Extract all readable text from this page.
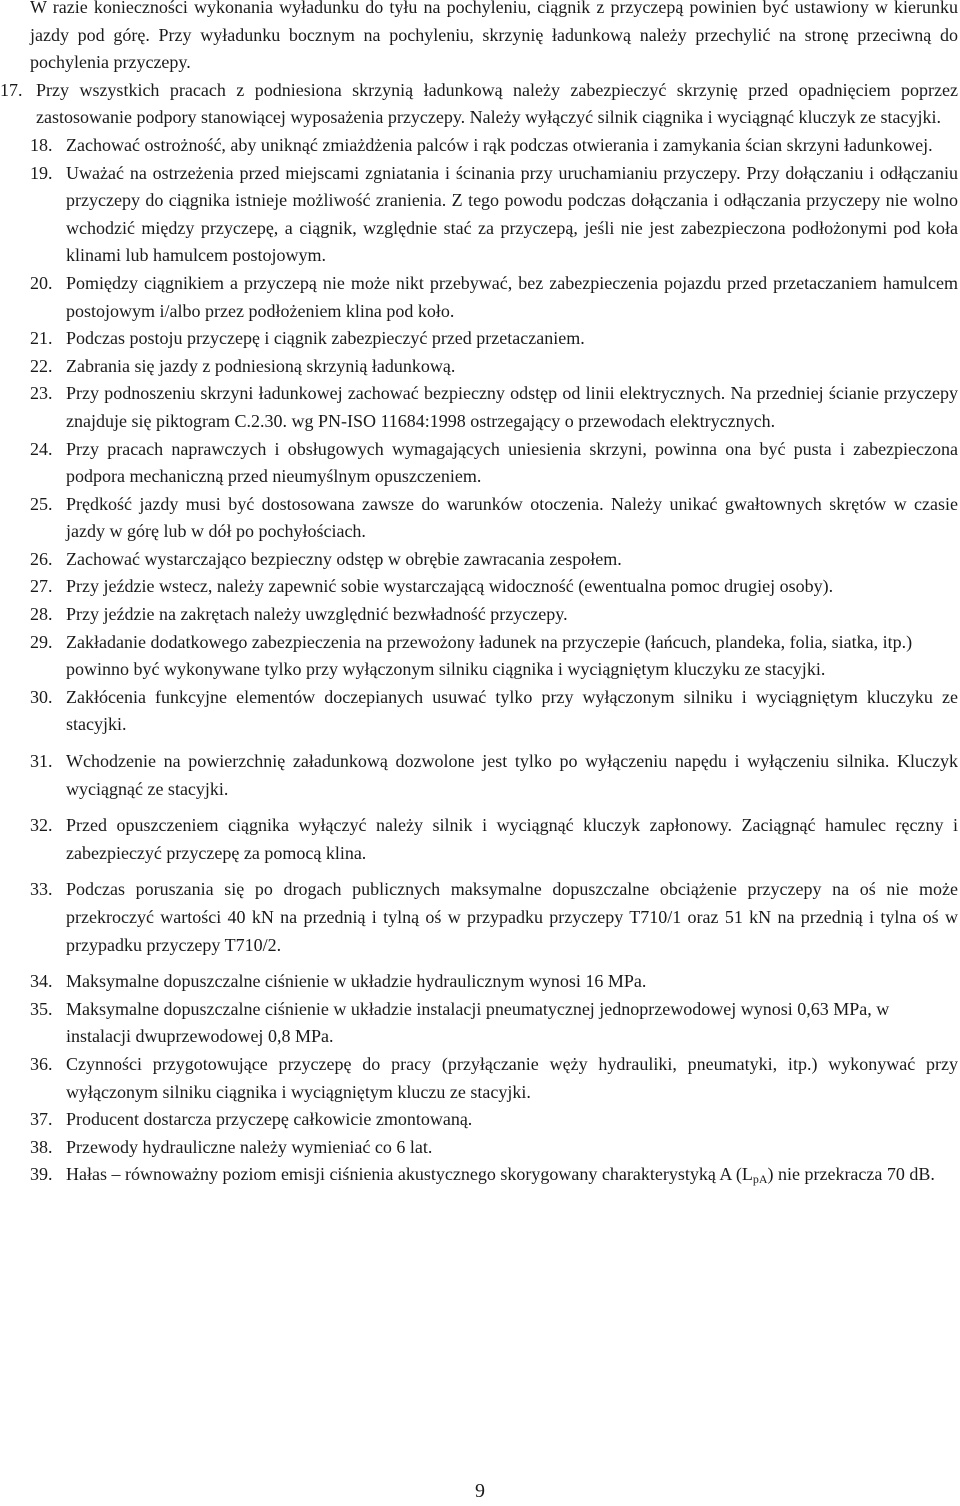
W razie konieczności wykonania wyładunku do tyłu na pochyleniu, ciągnik z przyczepą powinien być ustawiony w kierunku jazdy pod górę. Przy wyładunku bocznym na pochyleniu, skrzynię ładunkową należy przechylić na stronę przeciwną do pochylenia przyczepy.
17. Przy wszystkich pracach z podniesiona skrzynią ładunkową należy zabezpieczyć skrzynię przed opadnięciem poprzez zastosowanie podpory stanowiącej wyposażenia przyczepy. Należy wyłączyć silnik ciągnika i wyciągnąć kluczyk ze stacyjki.
18. Zachować ostrożność, aby uniknąć zmiażdżenia palców i rąk podczas otwierania i zamykania ścian skrzyni ładunkowej.
19. Uważać na ostrzeżenia przed miejscami zgniatania i ścinania przy uruchamianiu przyczepy. Przy dołączaniu i odłączaniu przyczepy do ciągnika istnieje możliwość zranienia. Z tego powodu podczas dołączania i odłączania przyczepy nie wolno wchodzić między przyczepę, a ciągnik, względnie stać za przyczepą, jeśli nie jest zabezpieczona podłożonymi pod koła klinami lub hamulcem postojowym.
20. Pomiędzy ciągnikiem a przyczepą nie może nikt przebywać, bez zabezpieczenia pojazdu przed przetaczaniem hamulcem postojowym i/albo przez podłożeniem klina pod koło.
21. Podczas postoju przyczepę i ciągnik zabezpieczyć przed przetaczaniem.
22. Zabrania się jazdy z podniesioną skrzynią ładunkową.
23. Przy podnoszeniu skrzyni ładunkowej zachować bezpieczny odstęp od linii elektrycznych. Na przedniej ścianie przyczepy znajduje się piktogram C.2.30. wg PN-ISO 11684:1998 ostrzegający o przewodach elektrycznych.
24. Przy pracach naprawczych i obsługowych wymagających uniesienia skrzyni, powinna ona być pusta i zabezpieczona podpora mechaniczną przed nieumyślnym opuszczeniem.
25. Prędkość jazdy musi być dostosowana zawsze do warunków otoczenia. Należy unikać gwałtownych skrętów w czasie jazdy w górę lub w dół po pochyłościach.
26. Zachować wystarczająco bezpieczny odstęp w obrębie zawracania zespołem.
27. Przy jeździe wstecz, należy zapewnić sobie wystarczającą widoczność (ewentualna pomoc drugiej osoby).
28. Przy jeździe na zakrętach należy uwzględnić bezwładność przyczepy.
29. Zakładanie dodatkowego zabezpieczenia na przewożony ładunek na przyczepie (łańcuch, plandeka, folia, siatka, itp.) powinno być wykonywane tylko przy wyłączonym silniku ciągnika i wyciągniętym kluczyku ze stacyjki.
30. Zakłócenia funkcyjne elementów doczepianych usuwać tylko przy wyłączonym silniku i wyciągniętym kluczyku ze stacyjki.
31. Wchodzenie na powierzchnię załadunkową dozwolone jest tylko po wyłączeniu napędu i wyłączeniu silnika. Kluczyk wyciągnąć ze stacyjki.
32. Przed opuszczeniem ciągnika wyłączyć należy silnik i wyciągnąć kluczyk zapłonowy. Zaciągnąć hamulec ręczny i zabezpieczyć przyczepę za pomocą klina.
33. Podczas poruszania się po drogach publicznych maksymalne dopuszczalne obciążenie przyczepy na oś nie może przekroczyć wartości 40 kN na przednią i tylną oś w przypadku przyczepy T710/1 oraz 51 kN na przednią i tylna oś w przypadku przyczepy T710/2.
34. Maksymalne dopuszczalne ciśnienie w układzie hydraulicznym wynosi 16 MPa.
35. Maksymalne dopuszczalne ciśnienie w układzie instalacji pneumatycznej jednoprzewodowej wynosi 0,63 MPa, w instalacji dwuprzewodowej 0,8 MPa.
36. Czynności przygotowujące przyczepę do pracy (przyłączanie węży hydrauliki, pneumatyki, itp.) wykonywać przy wyłączonym silniku ciągnika i wyciągniętym kluczu ze stacyjki.
37. Producent dostarcza przyczepę całkowicie zmontowaną.
38. Przewody hydrauliczne należy wymieniać co 6 lat.
39. Hałas – równoważny poziom emisji ciśnienia akustycznego skorygowany charakterystyką A $(L_{pA})$ nie przekracza 70 dB.
9
